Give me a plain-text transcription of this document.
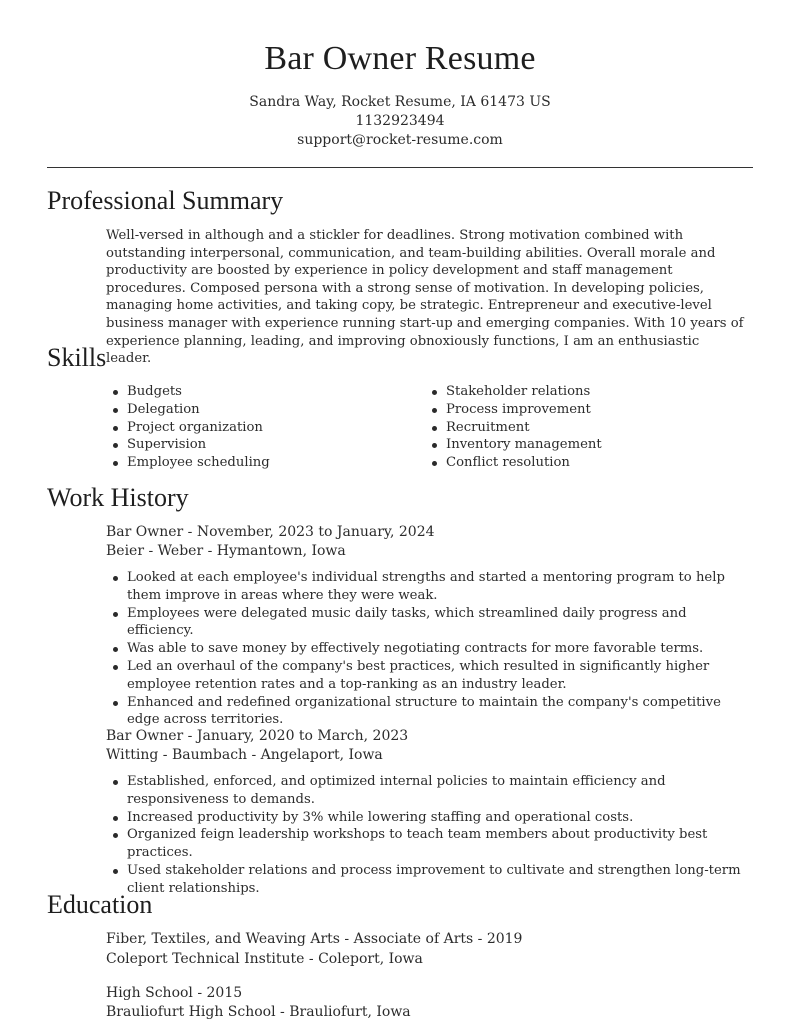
Bar Owner Resume
Sandra Way, Rocket Resume, IA 61473 US
1132923494
support@rocket-resume.com
Professional Summary

Well-versed in although and a stickler for deadlines. Strong motivation combined with outstanding interpersonal, communication, and team-building abilities. Overall morale and productivity are boosted by experience in policy development and staff management procedures. Composed persona with a strong sense of motivation. In developing policies, managing home activities, and taking copy, be strategic. Entrepreneur and executive-level business manager with experience running start-up and emerging companies. With 10 years of experience planning, leading, and improving obnoxiously functions, I am an enthusiastic leader.

Skills
Budgets
Delegation
Project organization
Supervision
Employee scheduling
Stakeholder relations
Process improvement
Recruitment
Inventory management
Conflict resolution
Work History
Bar Owner - November, 2023 to January, 2024
Beier - Weber - Hymantown, Iowa
Looked at each employee's individual strengths and started a mentoring program to help them improve in areas where they were weak.
Employees were delegated music daily tasks, which streamlined daily progress and efficiency.
Was able to save money by effectively negotiating contracts for more favorable terms.
Led an overhaul of the company's best practices, which resulted in significantly higher employee retention rates and a top-ranking as an industry leader.
Enhanced and redefined organizational structure to maintain the company's competitive edge across territories.
Bar Owner - January, 2020 to March, 2023
Witting - Baumbach - Angelaport, Iowa
Established, enforced, and optimized internal policies to maintain efficiency and responsiveness to demands.
Increased productivity by 3% while lowering staffing and operational costs.
Organized feign leadership workshops to teach team members about productivity best practices.
Used stakeholder relations and process improvement to cultivate and strengthen long-term client relationships.
Education
Fiber, Textiles, and Weaving Arts - Associate of Arts - 2019
Coleport Technical Institute - Coleport, Iowa
High School - 2015
Brauliofurt High School - Brauliofurt, Iowa
